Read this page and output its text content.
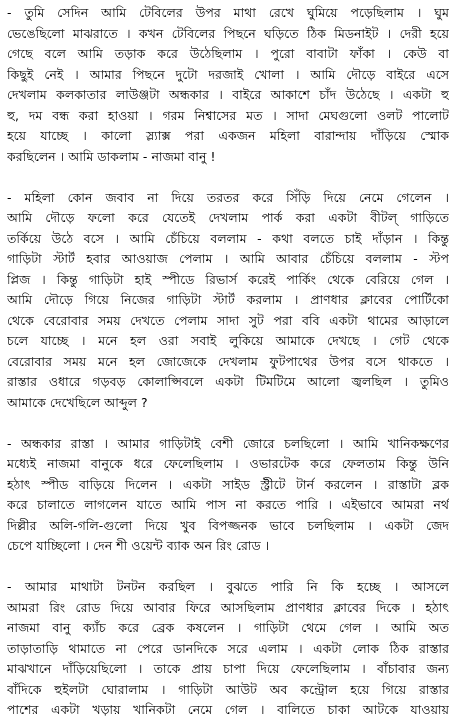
- তুমি সেদিন আমি টেবিলের উপর মাথা রেখে ঘুমিয়ে পড়েছিলাম । ঘুম
ভেঙেছিলো মাঝরাতে । কখন টেবিলের পিছনে ঘড়িতে ঠিক মিডনাইট । দেরী হয়ে
গেছে বলে আমি তড়াক করে উঠেছিলাম । পুরো বাবাটা ফাঁকা । কেউ বা
কিছুই নেই । আমার পিছনে দুটো দরজাই খোলা । আমি দৌড়ে বাইরে এসে
দেখলাম কলকাতার লাউঞ্জটা অন্ধকার । বাইরে আকাশে চাঁদ উঠেছে । একটা হু
হু, দম বন্ধ করা হাওয়া । গরম নিশ্বাসের মত । সাদা মেঘগুলো ওলট পালোট
হয়ে যাচ্ছে । কালো স্ল্যাক্স পরা একজন মহিলা বারান্দায় দাঁড়িয়ে স্মোক
করছিলেন । আমি ডাকলাম - নাজমা বানু !
- মহিলা কোন জবাব না দিয়ে তরতর করে সিঁড়ি দিয়ে নেমে গেলেন ।
আমি দৌড়ে ফলো করে যেতেই দেখলাম পার্ক করা একটা বীটল্‌ গাড়িতে
তৰ্কিয়ে উঠে বসে । আমি চেঁচিয়ে বললাম - কথা বলতে চাই দাঁড়ান । কিন্তু
গাড়িটা স্টার্ট হবার আওয়াজ পেলাম । আমি আবার চেঁচিয়ে বললাম - স্টপ
প্লিজ । কিন্তু গাড়িটা হাই স্পীডে রিভার্স করেই পার্কিং থেকে বেরিয়ে গেল ।
আমি দৌড়ে গিয়ে নিজের গাড়িটা স্টার্ট করলাম । প্রাণধার ক্লাবের পোর্টিকো
থেকে বেরোবার সময় দেখতে পেলাম সাদা সুট পরা ববি একটা থামের আড়ালে
চলে যাচ্ছে । মনে হল ওরা সবাই লুকিয়ে আমাকে দেখছে । গেট থেকে
বেরোবার সময় মনে হল জোজেকে দেখলাম ফুটপাথের উপর বসে থাকতে ।
রাস্তার ওধারে গড়বড় কোলাপ্সিবলে একটা টিমটিমে আলো জ্বলছিল । তুমিও
আমাকে দেখেছিলে আব্দুল ?
- অন্ধকার রাস্তা । আমার গাড়িটাই বেশী জোরে চলছিলো । আমি খানিকক্ষণের
মধ্যেই নাজমা বানুকে ধরে ফেলেছিলাম । ওভারটেক করে ফেলতাম কিন্তু উনি
হঠাৎ স্পীড বাড়িয়ে দিলেন । একটা সাইড স্ট্রীটে টার্ন করলেন । রাস্তাটা ব্লক
করে চালাতে লাগলেন যাতে আমি পাস না করতে পারি । এইভাবে আমরা নর্থ
দিল্লীর অলি-গলি-গুলো দিয়ে খুব বিপজ্জনক ভাবে চলছিলাম । একটা জেদ
চেপে যাচ্ছিলো । দেন শী ওয়েন্ট ব্যাক অন রিং রোড ।
- আমার মাথাটা টনটন করছিল । বুঝতে পারি নি কি হচ্ছে । আসলে
আমরা রিং রোড দিয়ে আবার ফিরে আসছিলাম প্রাণধার ক্লাবের দিকে । হঠাৎ
নাজমা বানু ক্যাঁচ করে ব্রেক কষলেন । গাড়িটা থেমে গেল । আমি অত
তাড়াতাড়ি থামাতে না পেরে ডানদিকে সরে এলাম । একটা লোক ঠিক রাস্তার
মাঝখানে দাঁড়িয়েছিলো । তাকে প্রায় চাপা দিয়ে ফেলেছিলাম । বাঁচাবার জন্য
বাঁদিকে হুইলটা ঘোরালাম । গাড়িটা আউট অব কন্ট্রোল হয়ে গিয়ে রাস্তার
পাশের একটা খড়ায় খানিকটা নেমে গেল । বালিতে চাকা আটকে যাওয়ায়
